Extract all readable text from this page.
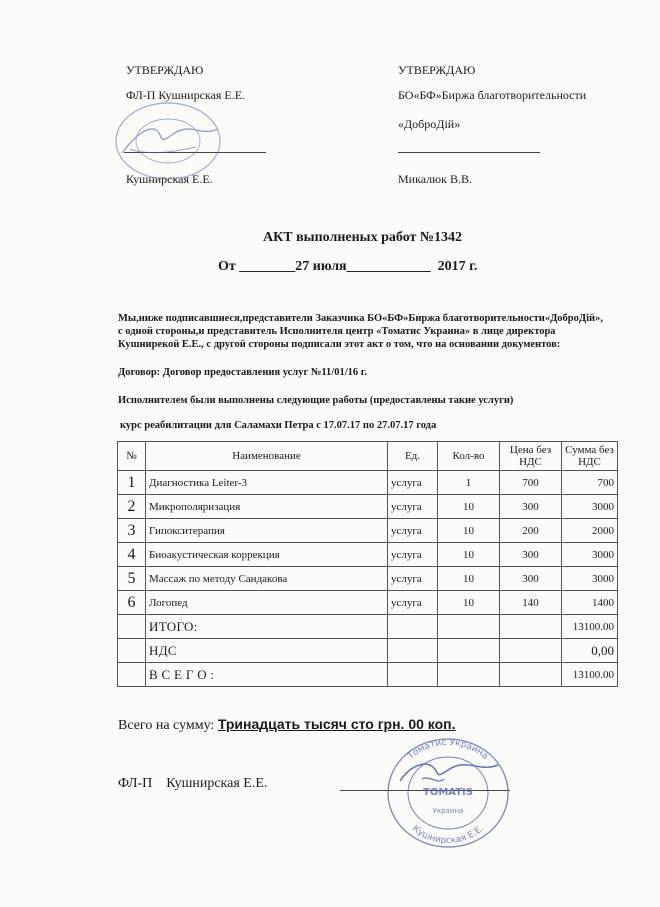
УТВЕРЖДАЮ
ФЛ-П Кушнирская Е.Е.
Кушнирская Е.Е.
УТВЕРЖДАЮ
БО«БФ»Биржа благотворительности
«ДоброДій»
Микалюк В.В.
АКТ выполненых работ №1342
От ________27 июля____________ 2017 г.
Мы,ниже подписавшиеся,представители Заказчика БО«БФ»Биржа благотворительности«ДоброДій»,
с одной стороны,и представитель Исполнителя центр «Томатис Украина» в лице директора
Кушнирекой Е.Е., с другой стороны подписали этот акт о том, что на основании документов:
Договор: Договор предоставления услуг №11/01/16 г.
Исполнителем были выполнены следующие работы (предоставлены такие услуги)
курс реабилитации для Саламахи Петра с 17.07.17 по 27.07.17 года
№	Наименование	Ед.	Кол-во	Цена без НДС	Сумма без НДС
1	Диагностика Leiter-3	услуга	1	700	700
2	Микрополяризация	услуга	10	300	3000
3	Гипокситерапия	услуга	10	200	2000
4	Биоакустическая коррекция	услуга	10	300	3000
5	Массаж по методу Сандакова	услуга	10	300	3000
6	Логопед	услуга	10	140	1400
	ИТОГО:				13100.00
	НДС				0,00
	В С Е Г О :				13100.00
Всего на сумму: Тринадцать тысяч сто грн. 00 коп.
ФЛ-П Кушнирская Е.Е.
Томатис Украина
Кушнирская Е.Е.
TOMATIS
Украина
